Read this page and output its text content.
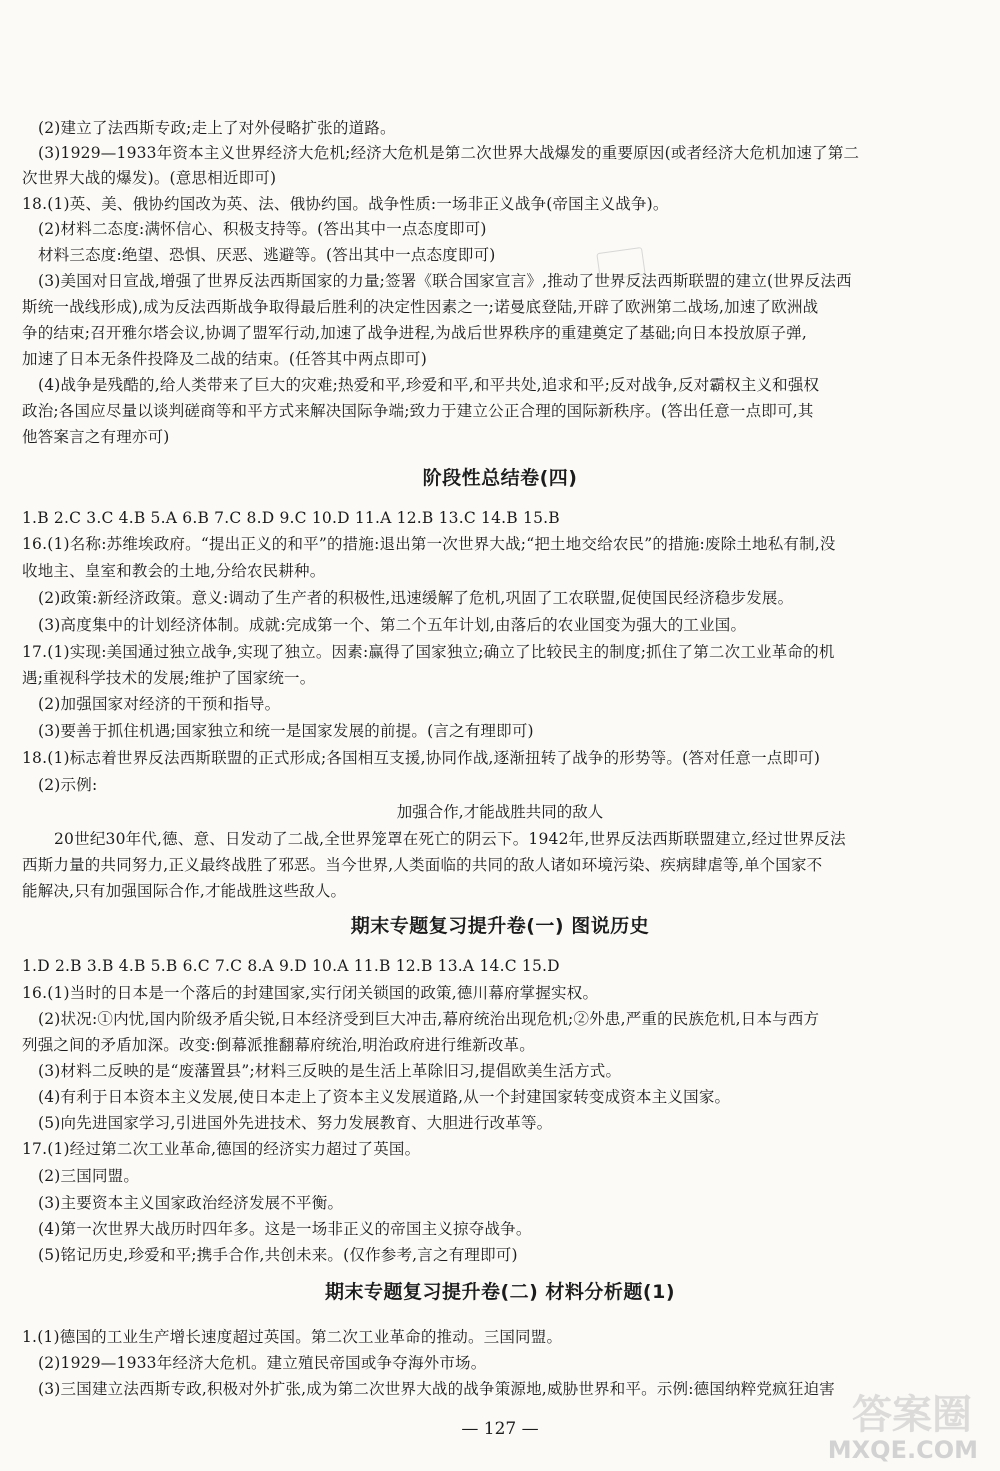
(2)建立了法西斯专政;走上了对外侵略扩张的道路。
(3)1929—1933年资本主义世界经济大危机;经济大危机是第二次世界大战爆发的重要原因(或者经济大危机加速了第二
次世界大战的爆发)。(意思相近即可)
18.(1)英、美、俄协约国改为英、法、俄协约国。战争性质:一场非正义战争(帝国主义战争)。
(2)材料二态度:满怀信心、积极支持等。(答出其中一点态度即可)
材料三态度:绝望、恐惧、厌恶、逃避等。(答出其中一点态度即可)
(3)美国对日宣战,增强了世界反法西斯国家的力量;签署《联合国家宣言》,推动了世界反法西斯联盟的建立(世界反法西
斯统一战线形成),成为反法西斯战争取得最后胜利的决定性因素之一;诺曼底登陆,开辟了欧洲第二战场,加速了欧洲战
争的结束;召开雅尔塔会议,协调了盟军行动,加速了战争进程,为战后世界秩序的重建奠定了基础;向日本投放原子弹,
加速了日本无条件投降及二战的结束。(任答其中两点即可)
(4)战争是残酷的,给人类带来了巨大的灾难;热爱和平,珍爱和平,和平共处,追求和平;反对战争,反对霸权主义和强权
政治;各国应尽量以谈判磋商等和平方式来解决国际争端;致力于建立公正合理的国际新秩序。(答出任意一点即可,其
他答案言之有理亦可)
阶段性总结卷(四)
1.B 2.C 3.C 4.B 5.A 6.B 7.C 8.D 9.C 10.D 11.A 12.B 13.C 14.B 15.B
16.(1)名称:苏维埃政府。“提出正义的和平”的措施:退出第一次世界大战;“把土地交给农民”的措施:废除土地私有制,没
收地主、皇室和教会的土地,分给农民耕种。
(2)政策:新经济政策。意义:调动了生产者的积极性,迅速缓解了危机,巩固了工农联盟,促使国民经济稳步发展。
(3)高度集中的计划经济体制。成就:完成第一个、第二个五年计划,由落后的农业国变为强大的工业国。
17.(1)实现:美国通过独立战争,实现了独立。因素:赢得了国家独立;确立了比较民主的制度;抓住了第二次工业革命的机
遇;重视科学技术的发展;维护了国家统一。
(2)加强国家对经济的干预和指导。
(3)要善于抓住机遇;国家独立和统一是国家发展的前提。(言之有理即可)
18.(1)标志着世界反法西斯联盟的正式形成;各国相互支援,协同作战,逐渐扭转了战争的形势等。(答对任意一点即可)
(2)示例:
加强合作,才能战胜共同的敌人
20世纪30年代,德、意、日发动了二战,全世界笼罩在死亡的阴云下。1942年,世界反法西斯联盟建立,经过世界反法
西斯力量的共同努力,正义最终战胜了邪恶。当今世界,人类面临的共同的敌人诸如环境污染、疾病肆虐等,单个国家不
能解决,只有加强国际合作,才能战胜这些敌人。
期末专题复习提升卷(一) 图说历史
1.D 2.B 3.B 4.B 5.B 6.C 7.C 8.A 9.D 10.A 11.B 12.B 13.A 14.C 15.D
16.(1)当时的日本是一个落后的封建国家,实行闭关锁国的政策,德川幕府掌握实权。
(2)状况:①内忧,国内阶级矛盾尖锐,日本经济受到巨大冲击,幕府统治出现危机;②外患,严重的民族危机,日本与西方
列强之间的矛盾加深。改变:倒幕派推翻幕府统治,明治政府进行维新改革。
(3)材料二反映的是“废藩置县”;材料三反映的是生活上革除旧习,提倡欧美生活方式。
(4)有利于日本资本主义发展,使日本走上了资本主义发展道路,从一个封建国家转变成资本主义国家。
(5)向先进国家学习,引进国外先进技术、努力发展教育、大胆进行改革等。
17.(1)经过第二次工业革命,德国的经济实力超过了英国。
(2)三国同盟。
(3)主要资本主义国家政治经济发展不平衡。
(4)第一次世界大战历时四年多。这是一场非正义的帝国主义掠夺战争。
(5)铭记历史,珍爱和平;携手合作,共创未来。(仅作参考,言之有理即可)
期末专题复习提升卷(二) 材料分析题(1)
1.(1)德国的工业生产增长速度超过英国。第二次工业革命的推动。三国同盟。
(2)1929—1933年经济大危机。建立殖民帝国或争夺海外市场。
(3)三国建立法西斯专政,积极对外扩张,成为第二次世界大战的战争策源地,威胁世界和平。示例:德国纳粹党疯狂迫害
— 127 —	答案圈
MXQE.COM
